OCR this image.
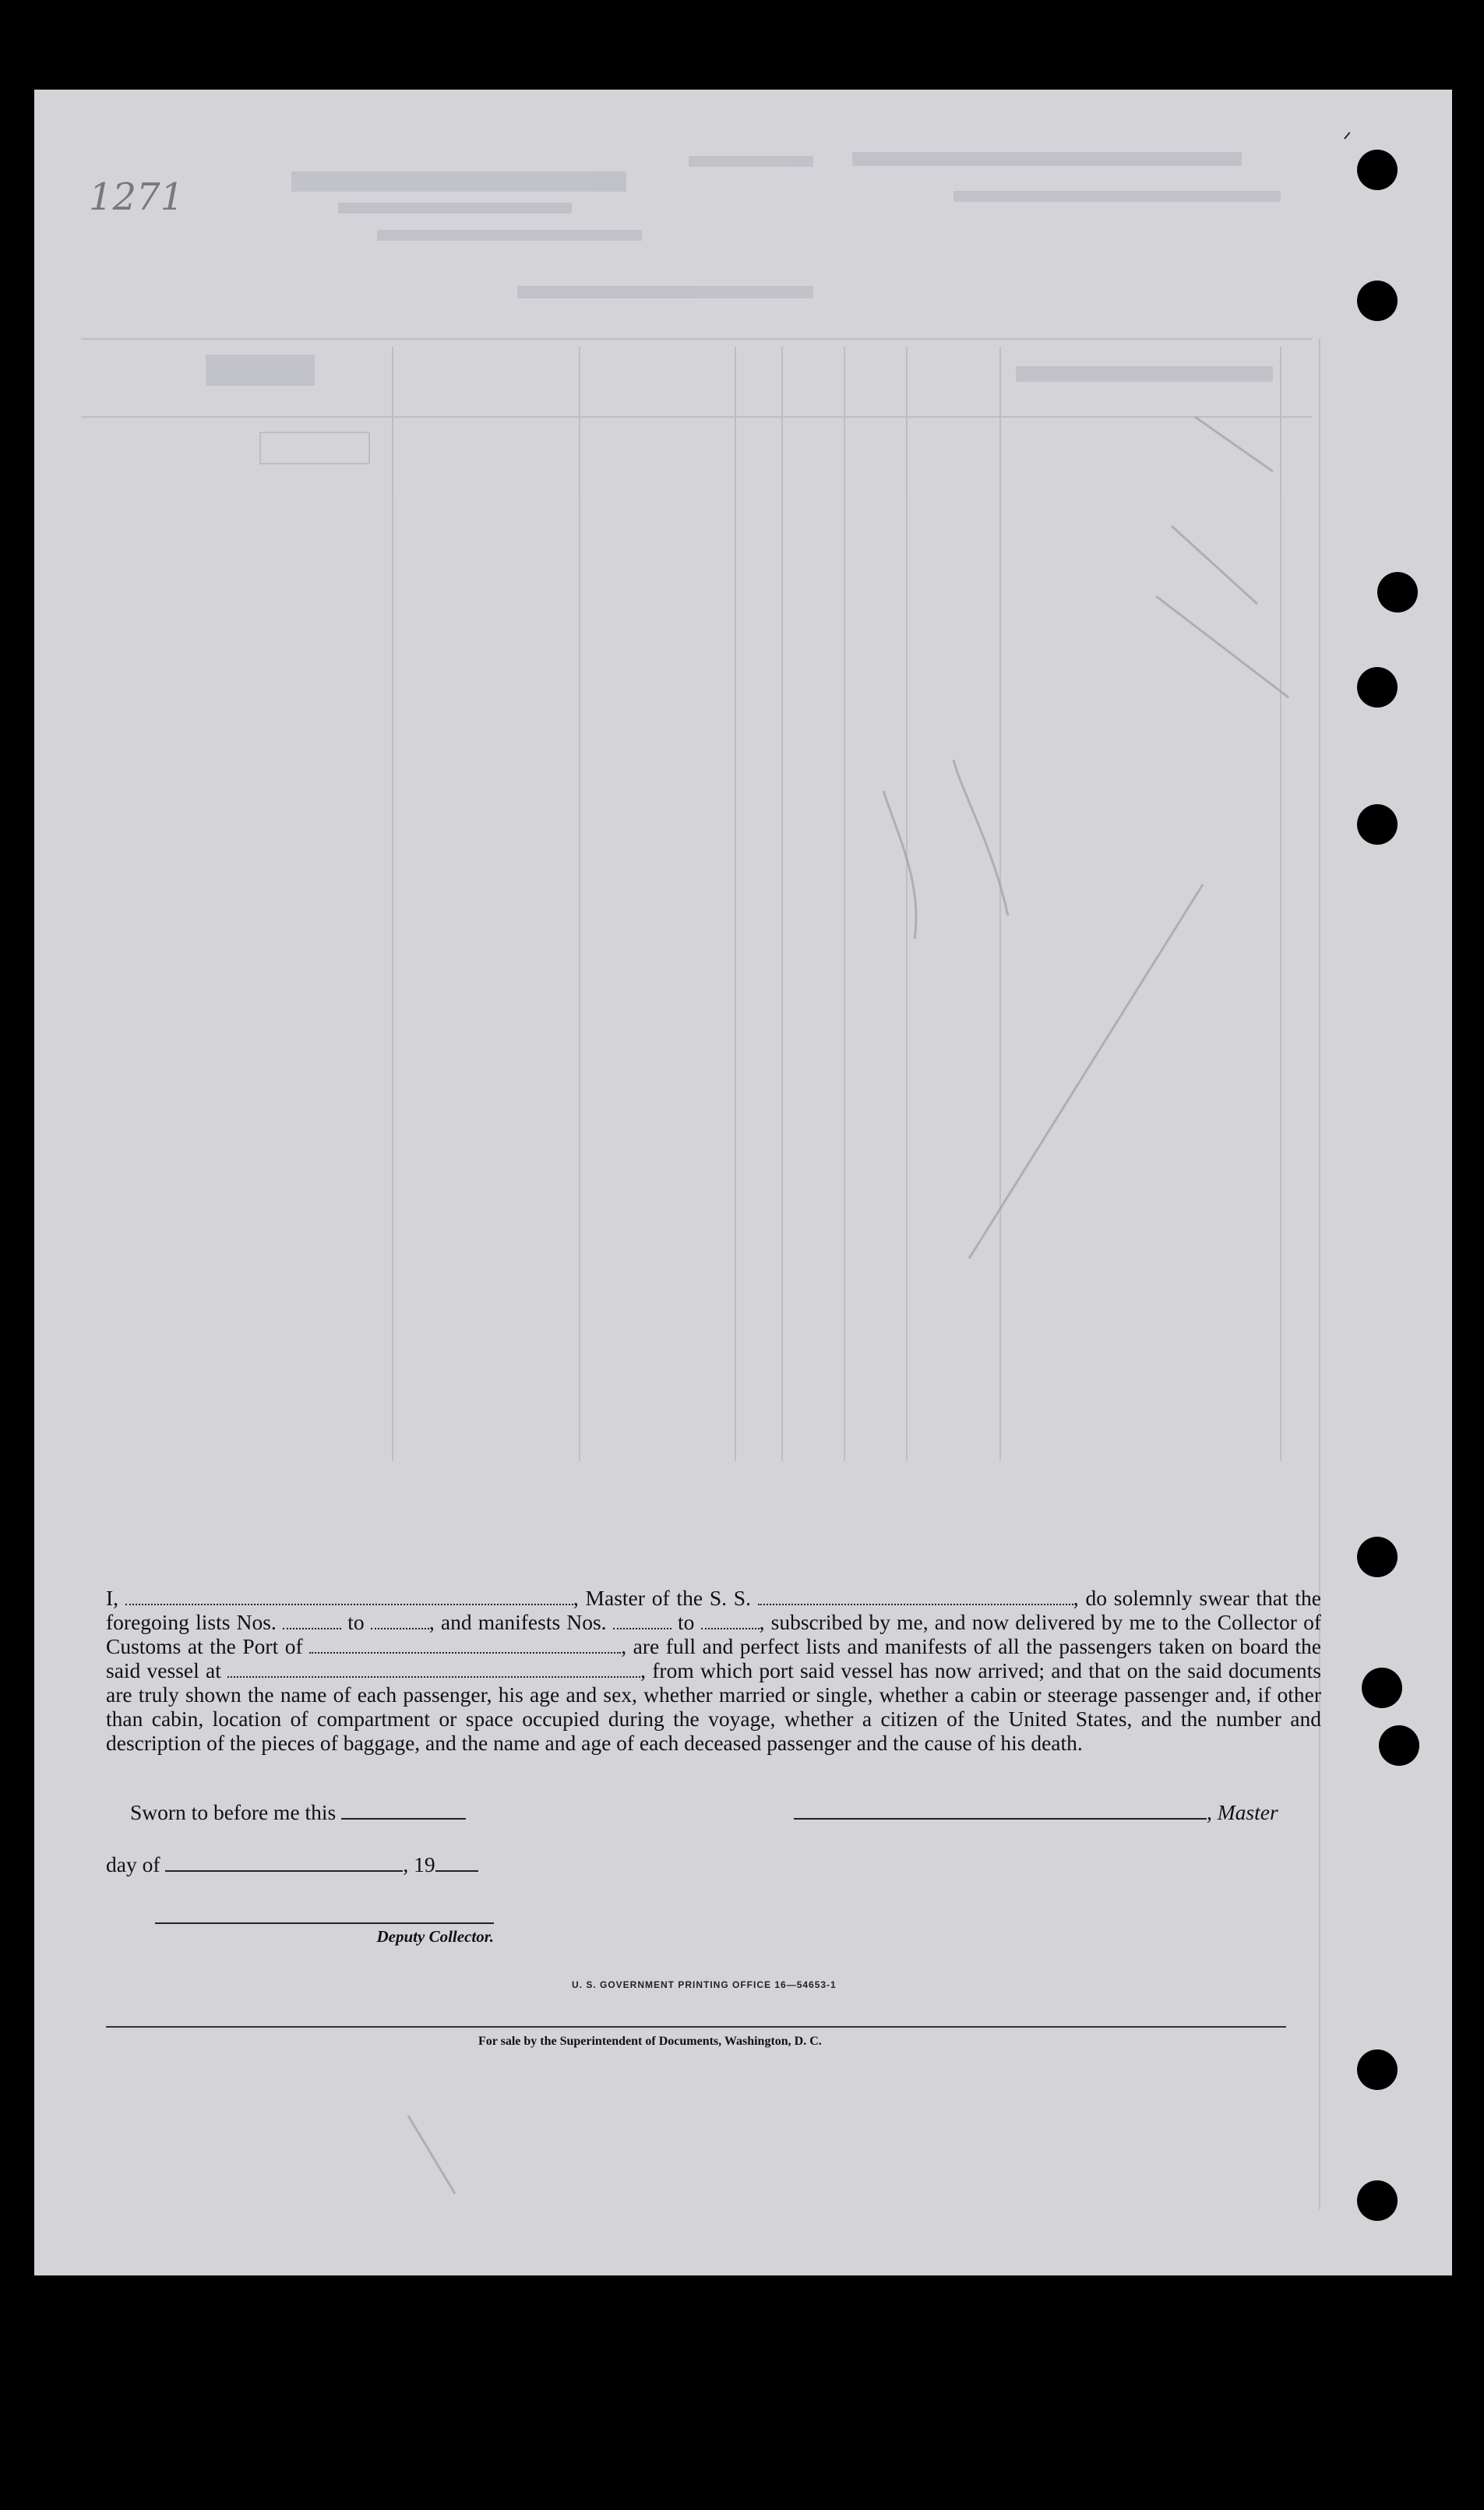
1271
ᐟ

I,	, Master of the S. S.	, do solemnly swear that the foregoing lists Nos.	to	, and manifests Nos.	to	, subscribed by me, and now delivered by me to the Collector of Customs at the Port of	, are full and perfect lists and manifests of all the passengers taken on board the said vessel at	, from which port said vessel has now arrived; and that on the said documents are truly shown the name of each passenger, his age and sex, whether married or single, whether a cabin or steerage passenger and, if other than cabin, location of compartment or space occupied during the voyage, whether a citizen of the United States, and the number and description of the pieces of baggage, and the name and age of each deceased passenger and the cause of his death.

Sworn to before me this	, Master
day of	, 19
Deputy Collector.
U. S. GOVERNMENT PRINTING OFFICE 16—54653-1
For sale by the Superintendent of Documents, Washington, D. C.
